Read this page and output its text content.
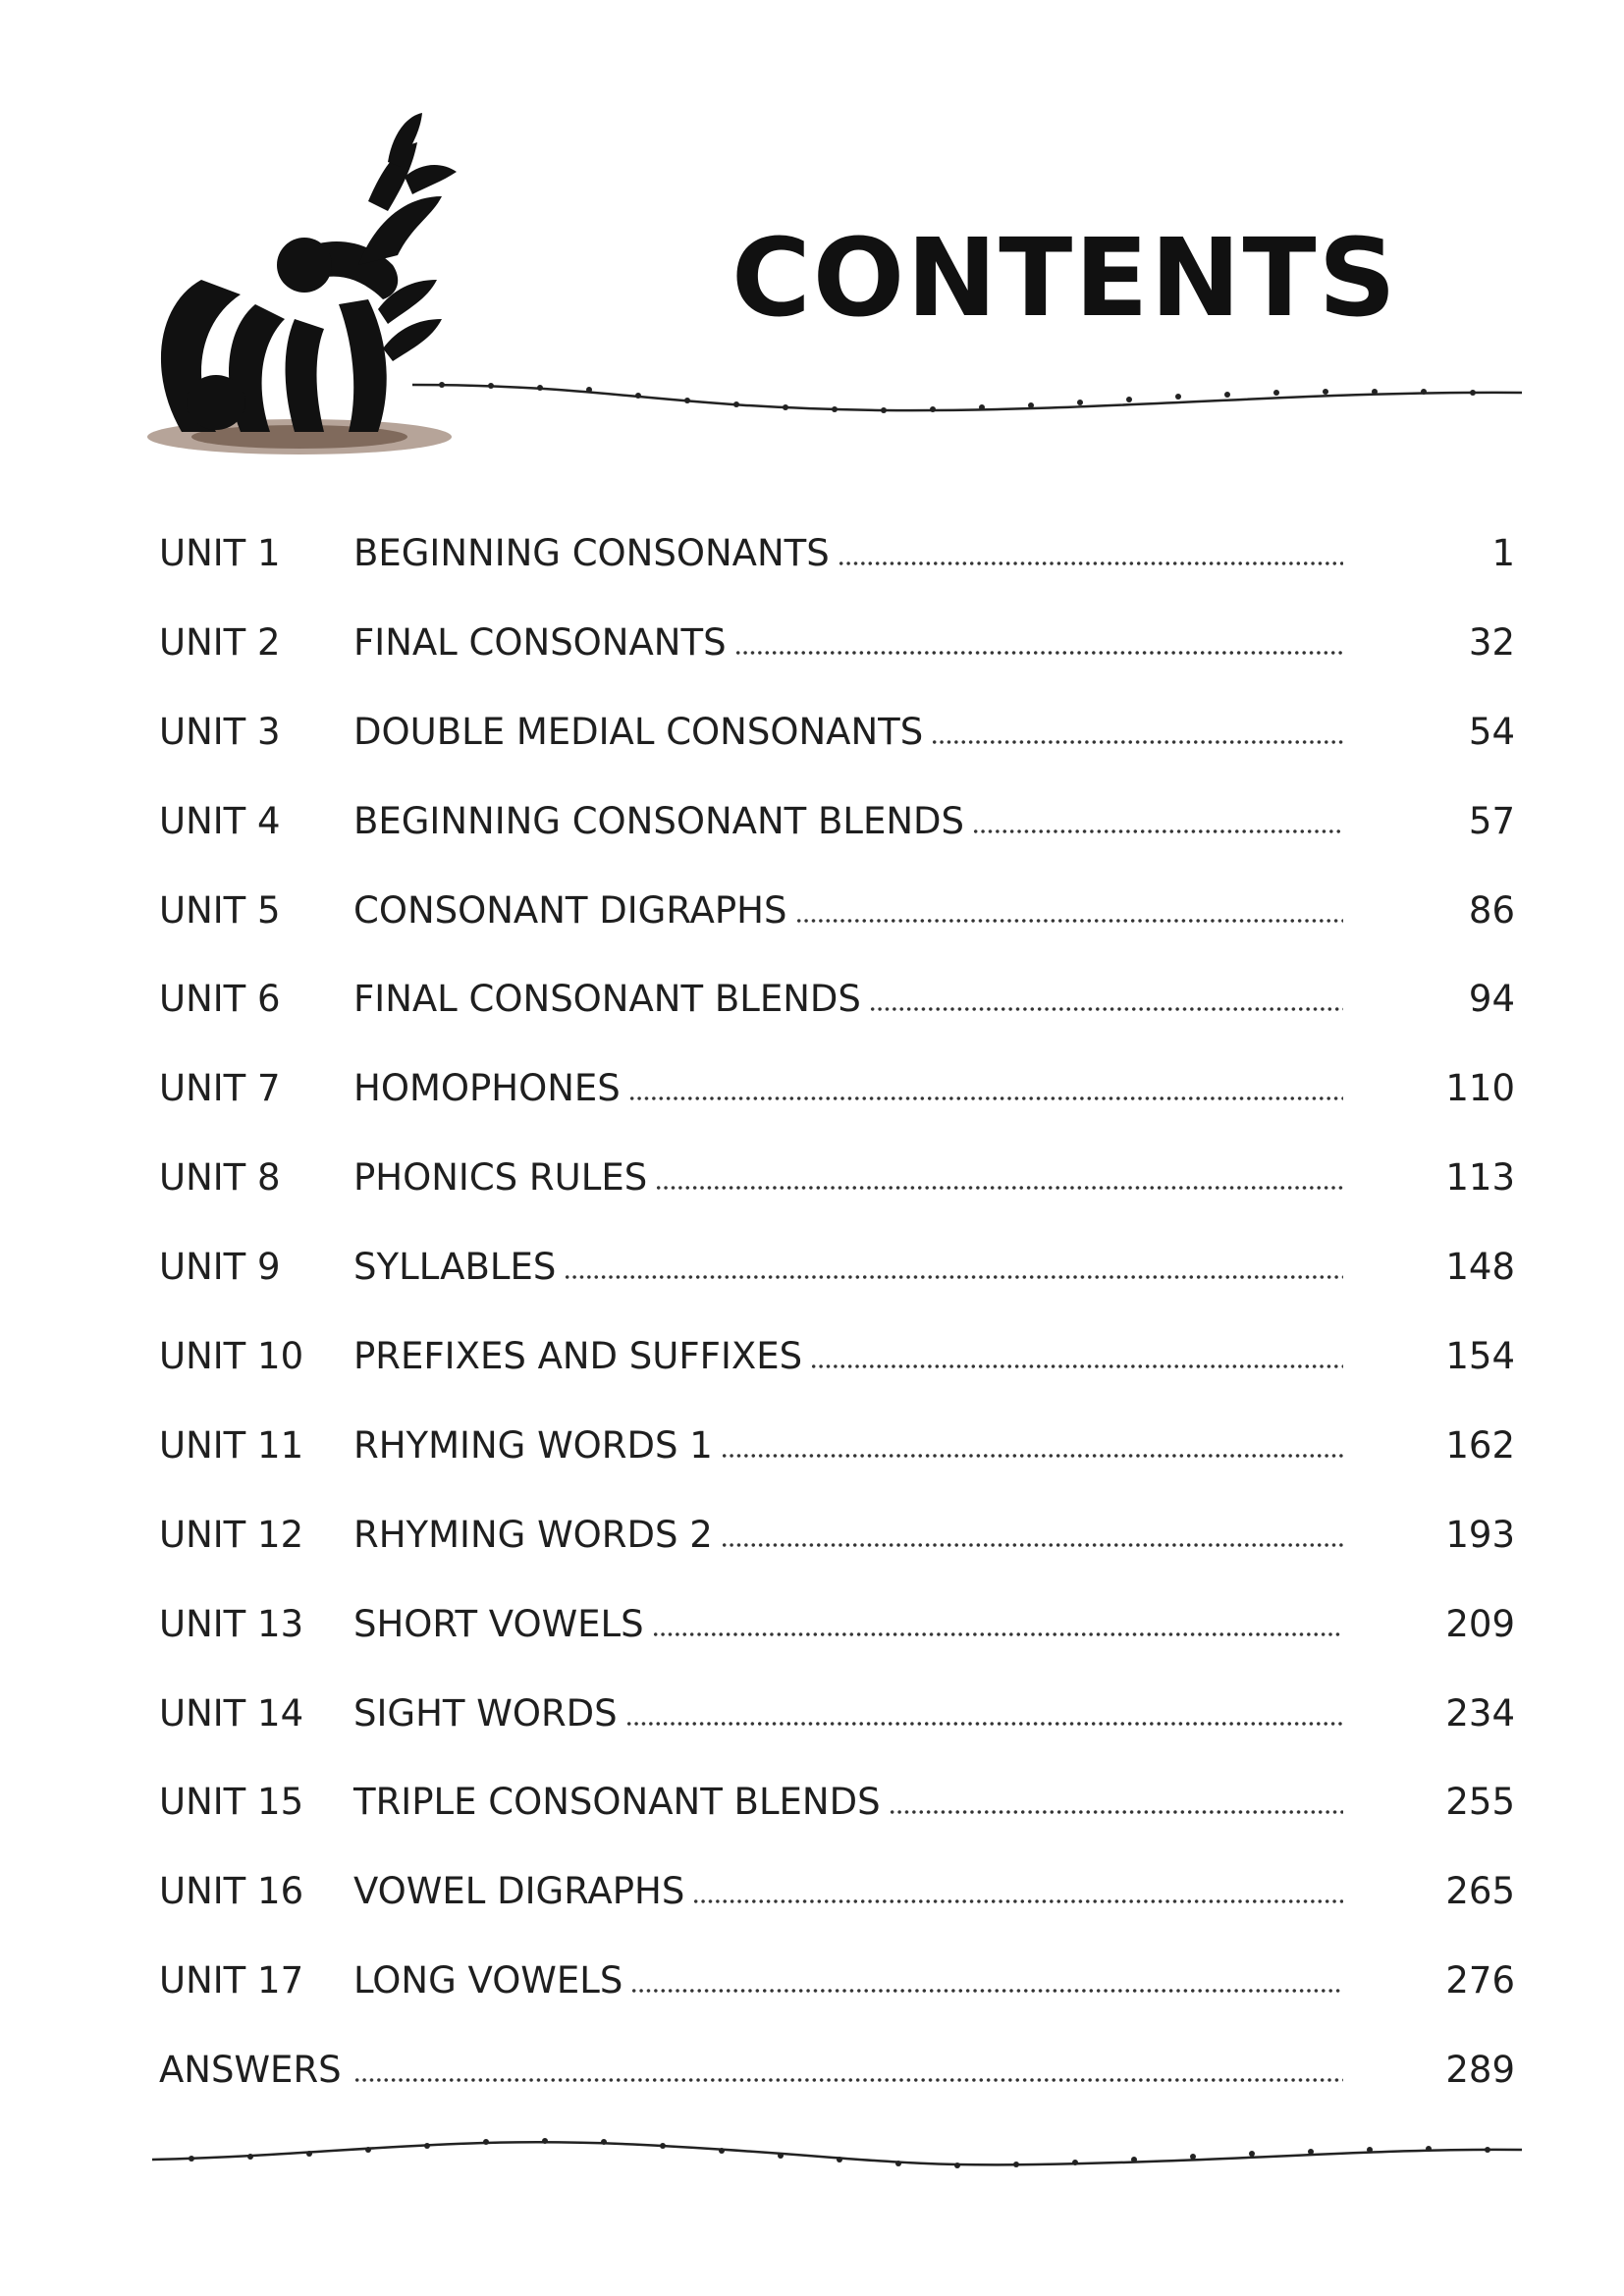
CONTENTS
UNIT 1 BEGINNING CONSONANTS	1
UNIT 2 FINAL CONSONANTS	32
UNIT 3 DOUBLE MEDIAL CONSONANTS	54
UNIT 4 BEGINNING CONSONANT BLENDS	57
UNIT 5 CONSONANT DIGRAPHS	86
UNIT 6 FINAL CONSONANT BLENDS	94
UNIT 7 HOMOPHONES	110
UNIT 8 PHONICS RULES	113
UNIT 9 SYLLABLES	148
UNIT 10 PREFIXES AND SUFFIXES	154
UNIT 11 RHYMING WORDS 1	162
UNIT 12 RHYMING WORDS 2	193
UNIT 13 SHORT VOWELS	209
UNIT 14 SIGHT WORDS	234
UNIT 15 TRIPLE CONSONANT BLENDS	255
UNIT 16 VOWEL DIGRAPHS	265
UNIT 17 LONG VOWELS	276
ANSWERS	289
